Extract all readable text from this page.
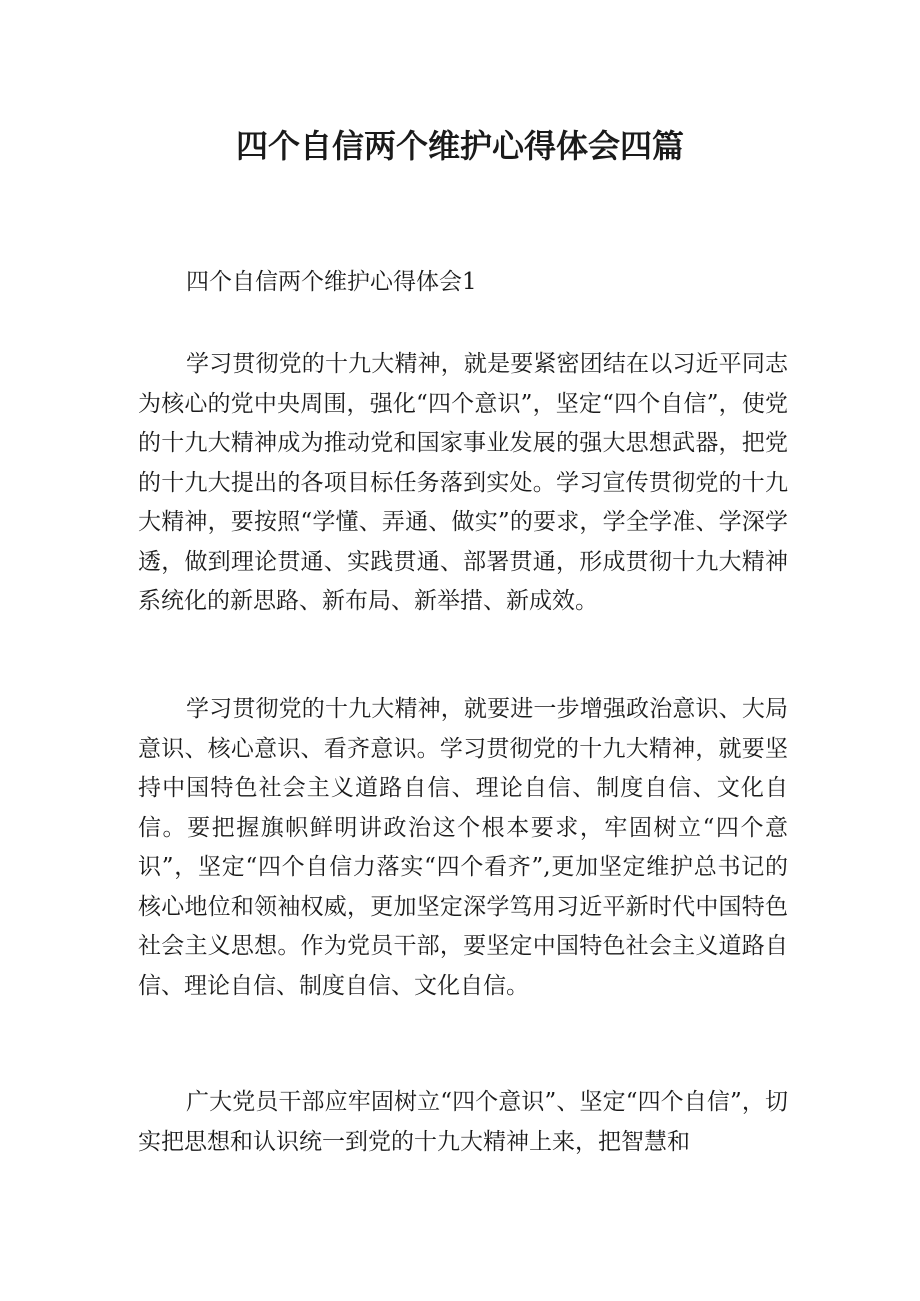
四个自信两个维护心得体会四篇

四个自信两个维护心得体会1

学习贯彻党的十九大精神，就是要紧密团结在以习近平同志为核心的党中央周围，强化“四个意识”，坚定“四个自信”，使党的十九大精神成为推动党和国家事业发展的强大思想武器，把党的十九大提出的各项目标任务落到实处。学习宣传贯彻党的十九大精神，要按照“学懂、弄通、做实”的要求，学全学准、学深学透，做到理论贯通、实践贯通、部署贯通，形成贯彻十九大精神系统化的新思路、新布局、新举措、新成效。

学习贯彻党的十九大精神，就要进一步增强政治意识、大局意识、核心意识、看齐意识。学习贯彻党的十九大精神，就要坚持中国特色社会主义道路自信、理论自信、制度自信、文化自信。要把握旗帜鲜明讲政治这个根本要求，牢固树立“四个意识”，坚定“四个自信力落实“四个看齐”,更加坚定维护总书记的核心地位和领袖权威，更加坚定深学笃用习近平新时代中国特色社会主义思想。作为党员干部，要坚定中国特色社会主义道路自信、理论自信、制度自信、文化自信。

广大党员干部应牢固树立“四个意识”、坚定“四个自信”，切实把思想和认识统一到党的十九大精神上来，把智慧和
